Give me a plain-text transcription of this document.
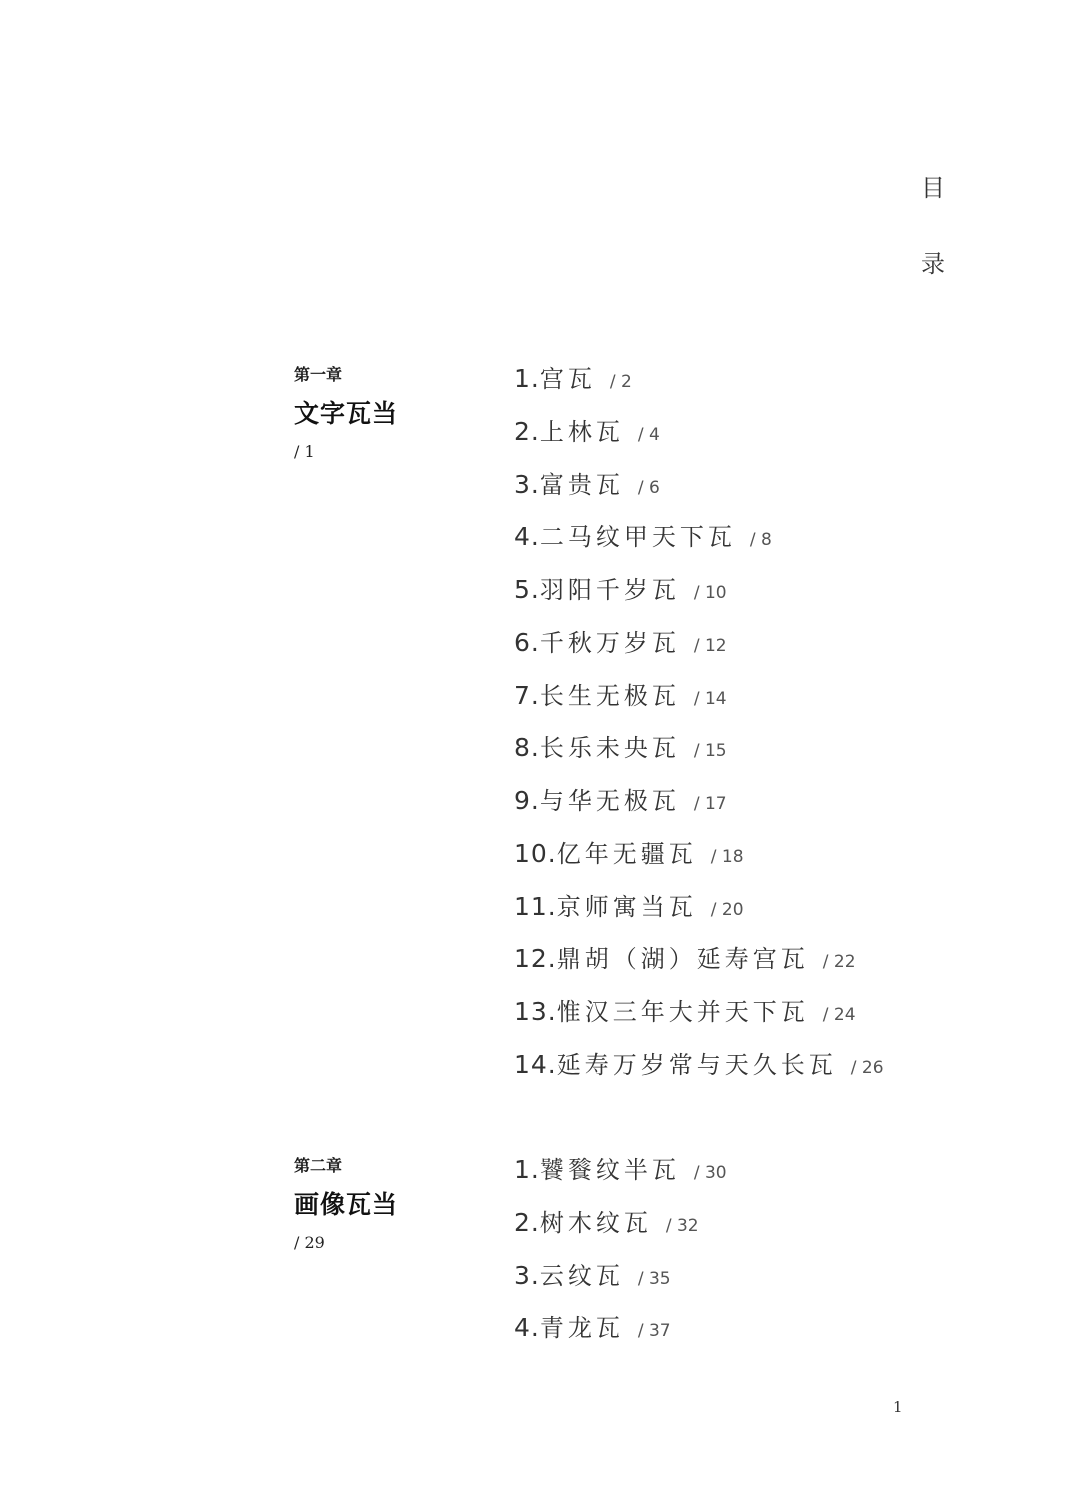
目
录
第一章
文字瓦当
/ 1
1.宫瓦 / 2
2.上林瓦 / 4
3.富贵瓦 / 6
4.二马纹甲天下瓦 / 8
5.羽阳千岁瓦 / 10
6.千秋万岁瓦 / 12
7.长生无极瓦 / 14
8.长乐未央瓦 / 15
9.与华无极瓦 / 17
10.亿年无疆瓦 / 18
11.京师寓当瓦 / 20
12.鼎胡（湖）延寿宫瓦 / 22
13.惟汉三年大并天下瓦 / 24
14.延寿万岁常与天久长瓦 / 26
第二章
画像瓦当
/ 29
1.饕餮纹半瓦 / 30
2.树木纹瓦 / 32
3.云纹瓦 / 35
4.青龙瓦 / 37
1
